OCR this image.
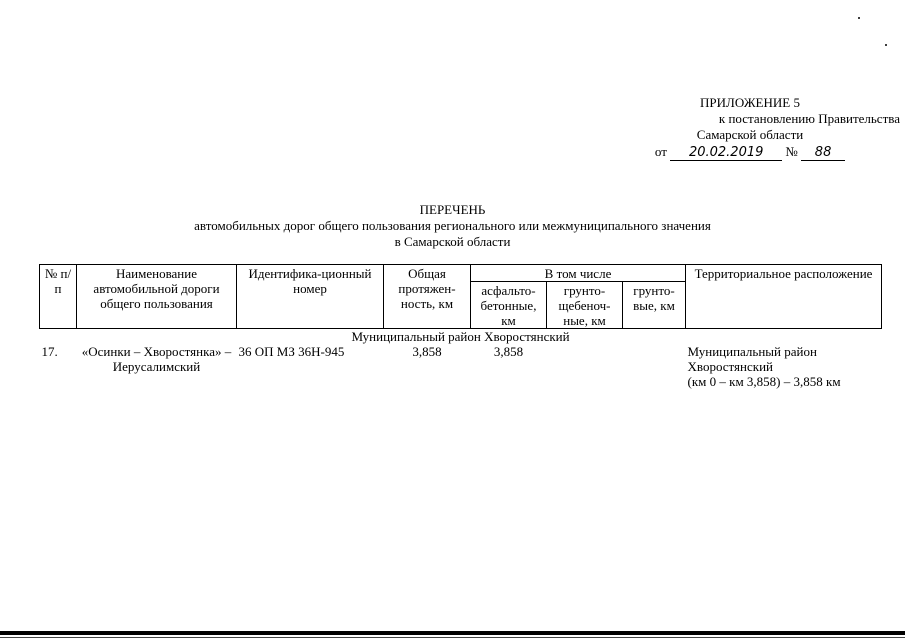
ПРИЛОЖЕНИЕ 5
к постановлению Правительства
Самарской области
от 20.02.2019 № 88
ПЕРЕЧЕНЬ
автомобильных дорог общего пользования регионального или межмуниципального значения
в Самарской области
№ п/п	Наименование автомобильной дороги общего пользования	Идентифика-ционный номер	Общая протяжен-ность, км	В том числе			Территориальное расположение
				асфальто-бетонные, км	грунто-щебеноч-ные, км	грунто-вые, км	
Муниципальный район Хворостянский							
17.	«Осинки – Хворостянка» – Иерусалимский	36 ОП МЗ 36Н-945	3,858	3,858			Муниципальный район
Хворостянский
(км 0 – км 3,858) – 3,858 км
